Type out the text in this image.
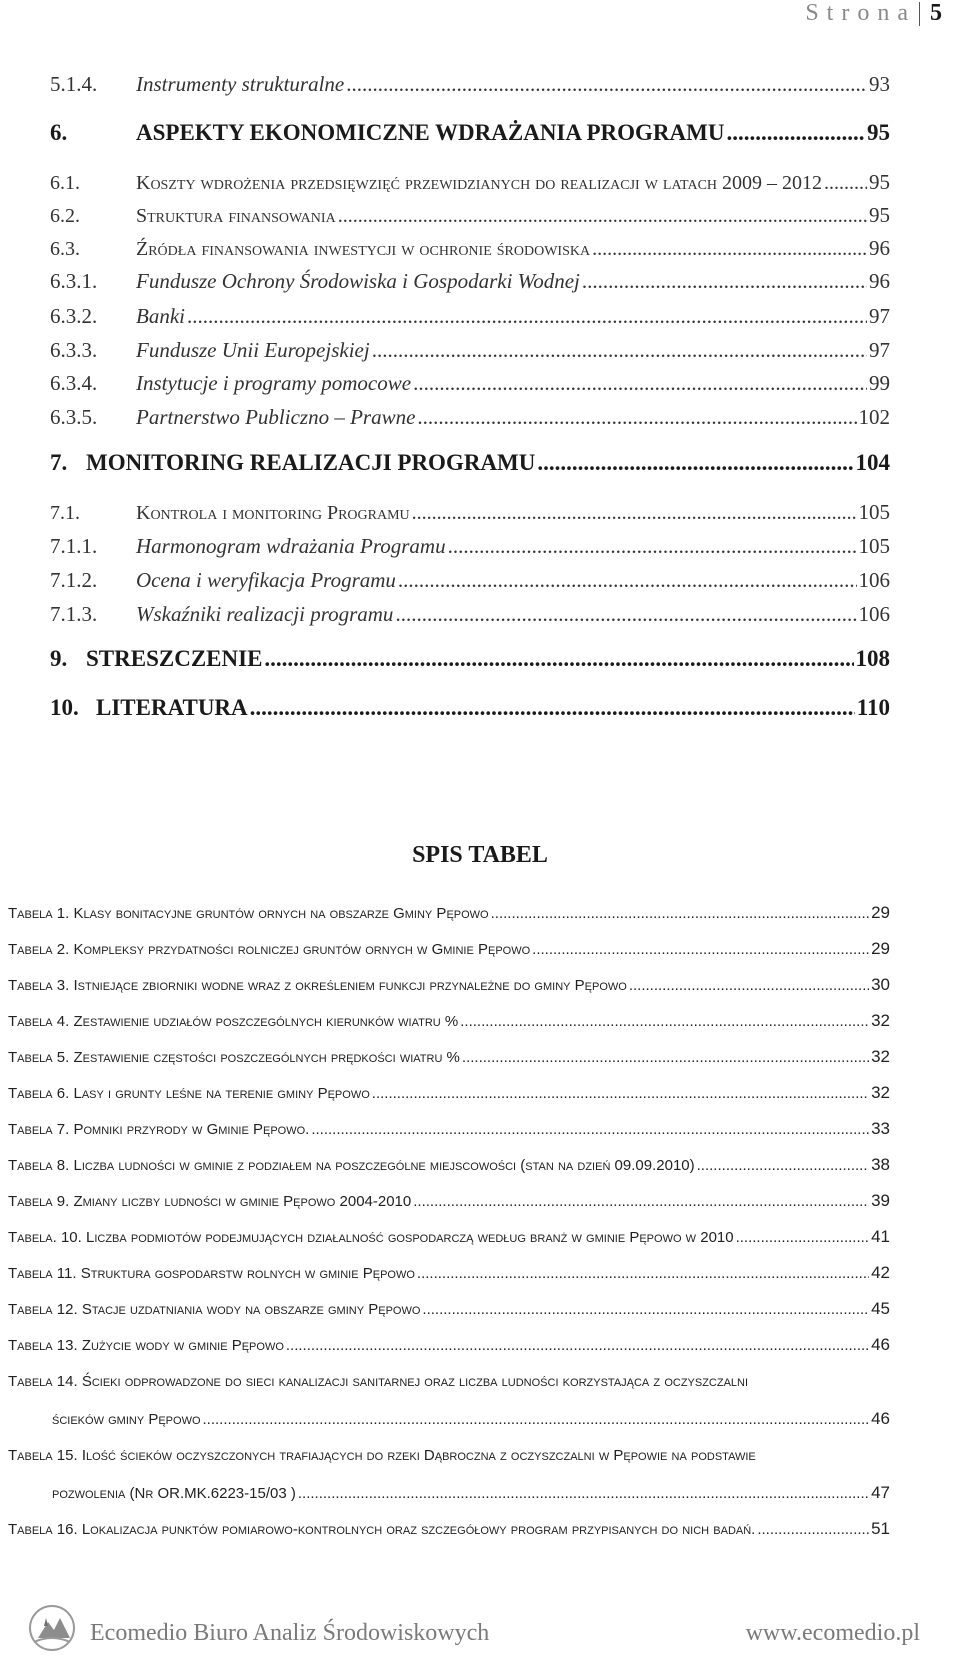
Strona 5
5.1.4.	Instrumenty strukturalne .....	93
6.	ASPEKTY EKONOMICZNE WDRAŻANIA PROGRAMU .....	95
6.1.	Koszty wdrożenia przedsięwzięć przewidzianych do realizacji w latach 2009 – 2012 ..... 95
6.2.	Struktura finansowania .....	95
6.3.	Źródła finansowania inwestycji w ochronie środowiska .....	96
6.3.1.	Fundusze Ochrony Środowiska i Gospodarki Wodnej .....	96
6.3.2.	Banki .....	97
6.3.3.	Fundusze Unii Europejskiej .....	97
6.3.4.	Instytucje i programy pomocowe .....	99
6.3.5.	Partnerstwo Publiczno – Prawne .....	102
7. MONITORING REALIZACJI PROGRAMU .....	104
7.1.	Kontrola i monitoring Programu .....	105
7.1.1.	Harmonogram wdrażania Programu .....	105
7.1.2.	Ocena i weryfikacja Programu .....	106
7.1.3.	Wskaźniki realizacji programu .....	106
9. STRESZCZENIE .....	108
10. LITERATURA .....	110
SPIS TABEL
Tabela 1. Klasy bonitacyjne gruntów ornych na obszarze Gminy Pępowo .....	29
Tabela 2. Kompleksy przydatności rolniczej gruntów ornych w Gminie Pępowo .....	29
Tabela 3. Istniejące zbiorniki wodne wraz z określeniem funkcji przynależne do gminy Pępowo .....	30
Tabela 4. Zestawienie udziałów poszczególnych kierunków wiatru % .....	32
Tabela 5. Zestawienie częstości poszczególnych prędkości wiatru % .....	32
Tabela 6. Lasy i grunty leśne na terenie gminy Pępowo .....	32
Tabela 7. Pomniki przyrody w Gminie Pępowo. .....	33
Tabela 8. Liczba ludności w gminie z podziałem na poszczególne miejscowości (stan na dzień 09.09.2010) .....	38
Tabela 9. Zmiany liczby ludności w gminie Pępowo 2004-2010 .....	39
Tabela. 10. Liczba podmiotów podejmujących działalność gospodarczą według branż w gminie Pępowo w 2010 .....	41
Tabela 11. Struktura gospodarstw rolnych w gminie Pępowo .....	42
Tabela 12. Stacje uzdatniania wody na obszarze gminy Pępowo .....	45
Tabela 13. Zużycie wody w gminie Pępowo .....	46
Tabela 14. Ścieki odprowadzone do sieci kanalizacji sanitarnej oraz liczba ludności korzystająca z oczyszczalni
ścieków gminy Pępowo .....	46
Tabela 15. Ilość ścieków oczyszczonych trafiających do rzeki Dąbroczna z oczyszczalni w Pępowie na podstawie
pozwolenia (Nr OR.MK.6223-15/03 ) .....	47
Tabela 16. Lokalizacja punktów pomiarowo-kontrolnych oraz szczegółowy program przypisanych do nich badań. .....	51
Ecomedio Biuro Analiz Środowiskowych	www.ecomedio.pl
